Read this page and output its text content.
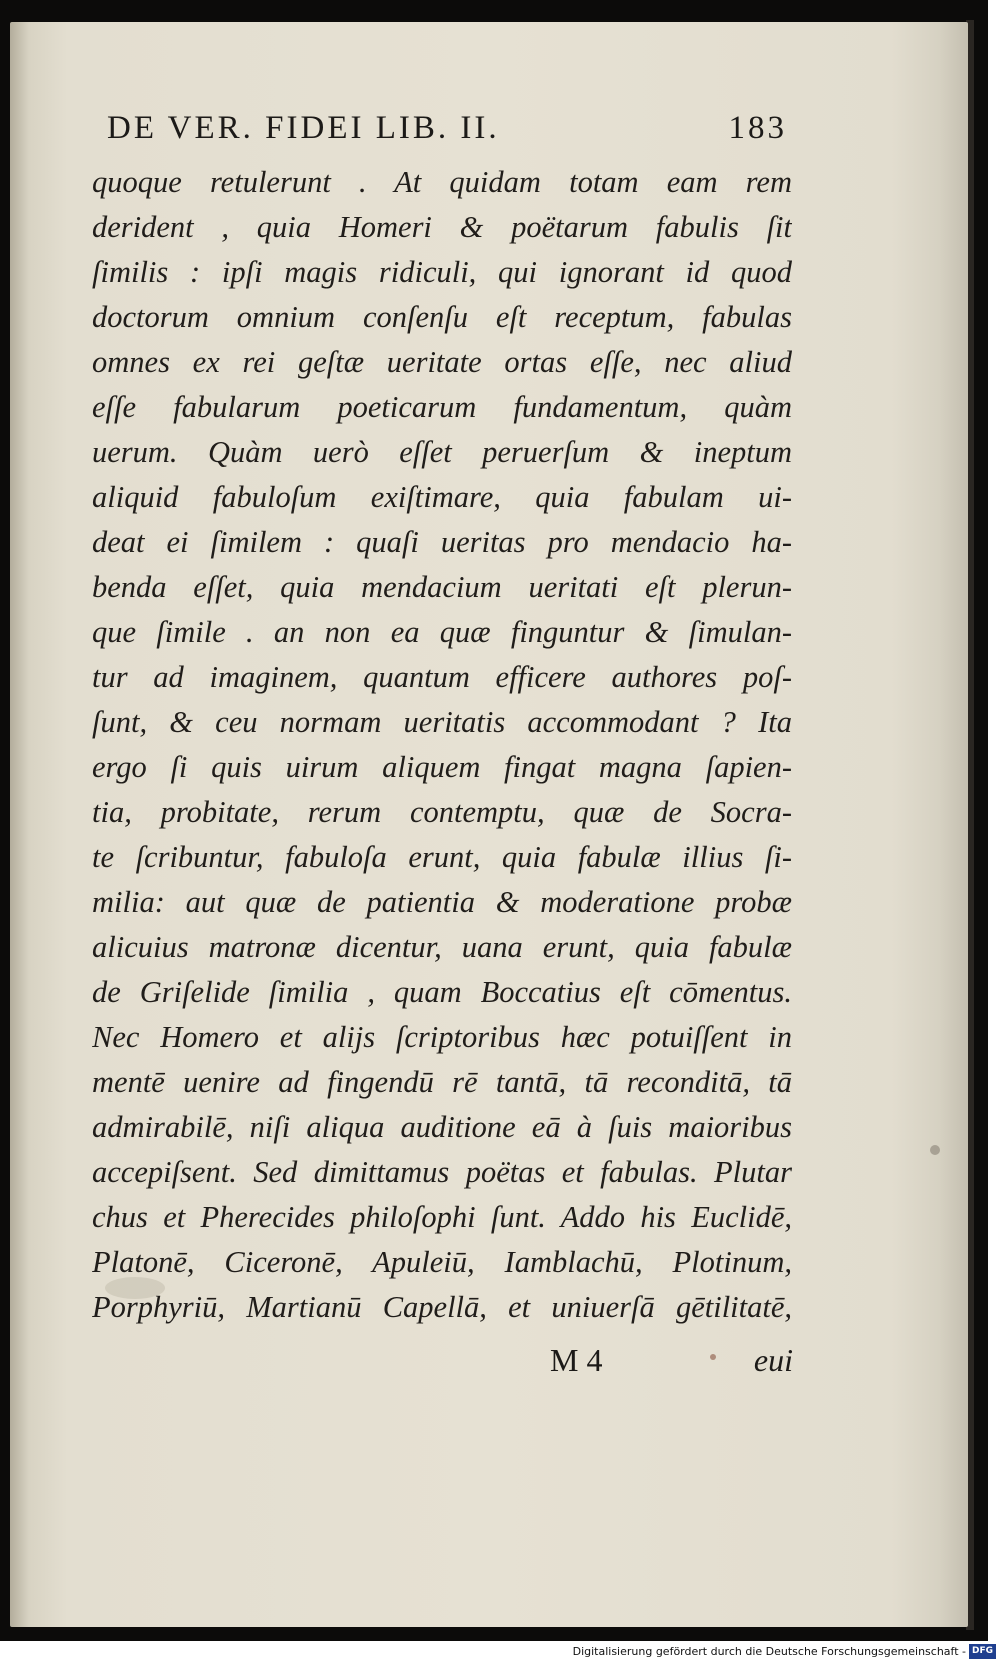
DE VER. FIDEI LIB. II.	183
quoque retulerunt . At quidam totam eam rem
derident , quia Homeri & poëtarum fabulis ſit
ſimilis : ipſi magis ridiculi, qui ignorant id quod
doctorum omnium conſenſu eſt receptum, fabulas
omnes ex rei geſtæ ueritate ortas eſſe, nec aliud
eſſe fabularum poeticarum fundamentum, quàm
uerum. Quàm uerò eſſet peruerſum & ineptum
aliquid fabuloſum exiſtimare, quia fabulam ui-
deat ei ſimilem : quaſi ueritas pro mendacio ha-
benda eſſet, quia mendacium ueritati eſt plerun-
que ſimile . an non ea quæ finguntur & ſimulan-
tur ad imaginem, quantum efficere authores poſ-
ſunt, & ceu normam ueritatis accommodant ? Ita
ergo ſi quis uirum aliquem fingat magna ſapien-
tia, probitate, rerum contemptu, quæ de Socra-
te ſcribuntur, fabuloſa erunt, quia fabulæ illius ſi-
milia: aut quæ de patientia & moderatione probæ
alicuius matronæ dicentur, uana erunt, quia fabulæ
de Griſelide ſimilia , quam Boccatius eſt cōmentus.
Nec Homero et alijs ſcriptoribus hæc potuiſſent in
mentē uenire ad fingendū rē tantā, tā reconditā, tā
admirabilē, niſi aliqua auditione eā à ſuis maioribus
accepiſsent. Sed dimittamus poëtas et fabulas. Plutar
chus et Pherecides philoſophi ſunt. Addo his Euclidē,
Platonē, Ciceronē, Apuleiū, Iamblachū, Plotinum,
Porphyriū, Martianū Capellā, et uniuerſā gētilitatē,
M 4	eui
Digitalisierung gefördert durch die Deutsche Forschungsgemeinschaft - DFG
